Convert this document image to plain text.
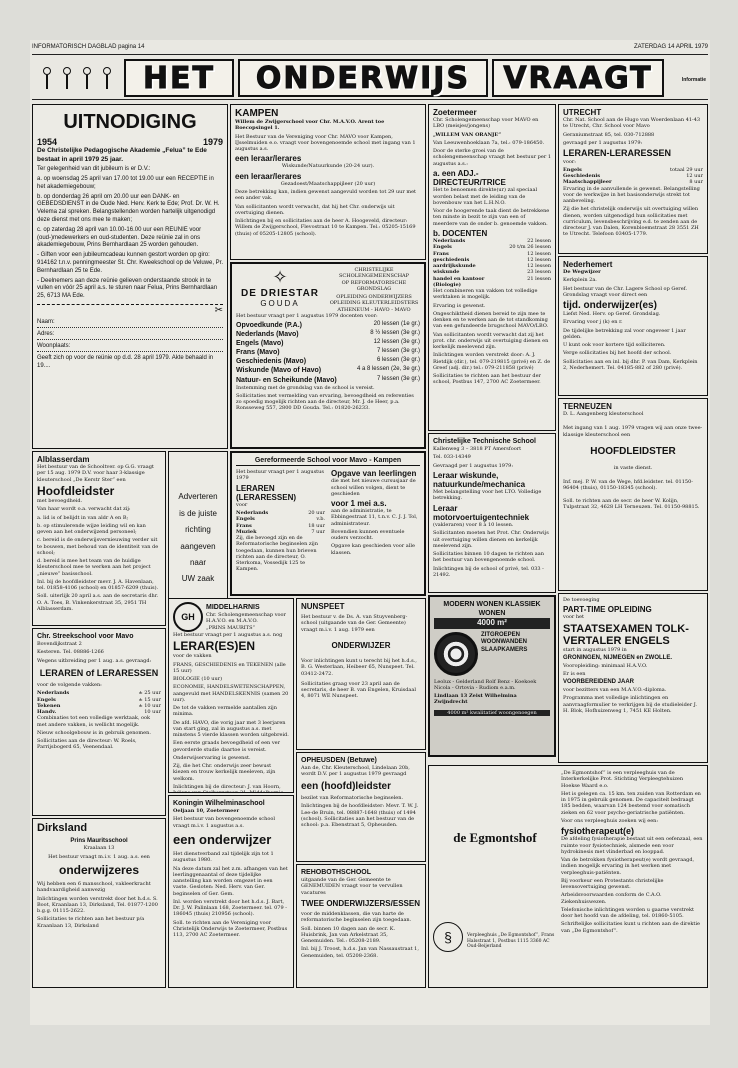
INFORMATORISCH DAGBLAD pagina 14	ZATERDAG 14 APRIL 1979
HET	ONDERWIJS	VRAAGT	Informatie
UITNODIGING
1954	1979

De Christelijke Pedagogische Akademie „Felua” te Ede bestaat in april 1979 25 jaar.

Ter gelegenheid van dit jubileum is er D.V.:

a. op woensdag 25 april van 17.00 tot 19.00 uur een RECEPTIE in het akademiegebouw;

b. op donderdag 26 april om 20.00 uur een DANK- en GEBEDSDIENST in de Oude Ned. Herv. Kerk te Ede; Prof. Dr. W. H. Velema zal spreken. Belangstellenden worden hartelijk uitgenodigd deze dienst met ons mee te maken;

c. op zaterdag 28 april van 10.00-16.00 uur een REUNIE voor (oud-)medewerkers en oud-studenten. Deze reünie zal in ons akademiegebouw, Prins Bernhardlaan 25 worden gehouden.

- Giften voor een jubileumcadeau kunnen gestort worden op giro: 914162 t.n.v. penningmeester St. Chr. Kweekschool op de Veluwe, Pr. Bernhardlaan 25 te Ede.

- Deelnemers aan deze reünie gelieven onderstaande strook in te vullen en vóór 25 april a.s. te sturen naar Felua, Prins Bernhardlaan 25, 6713 MA Ede.

✂
Naam:
Adres:
Woonplaats:

Geeft zich op voor de reünie op d.d. 28 april 1979. Akte behaald in 19....

KAMPEN

Willem de Zwijgerschool voor Chr. M.A.V.O. Arent toe Boecopsingel 1.

Het Bestuur van de Vereniging voor Chr. MAVO voor Kampen, IJsselmuiden e.o. vraagt voor bovengenoemde school met ingang van 1 augustus a.s.

een leraar/lerares

Wiskunde/Natuurkunde (20-24 uur).

een leraar/lerares

Gezadoest/Maatschappijleer (20 uur)

Deze betrekking kan, indien gewenst aangevuld worden tot 29 uur met een ander vak.

Van sollicitanten wordt verwacht, dat hij het Chr. onderwijs uit overtuiging dienen.

Inlichtingen bij en sollicitaties aan de heer A. Hoogeveld, directeur: Willem de Zwijgerschool, Flevostraat 10 te Kampen. Tel.: 05205-15169 (thuis) of 05205-12805 (school).

✧
DE DRIESTAR
GOUDA
CHRISTELIJKE
SCHOLENGEMEENSCHAP
OP REFORMATORISCHE
GRONDSLAG
OPLEIDING ONDERWIJZERS
OPLEIDING KLEUTERLEIDSTERS
ATHENEUM - HAVO - MAVO

Het bestuur vraagt per 1 augustus 1979 docenten voor:

Opvoedkunde (P.A.)	20 lessen (1e gr.)
Nederlands (Mavo)	8 ½ lessen (3e gr.)
Engels (Mavo)	12 lessen (3e gr.)
Frans (Mavo)	7 lessen (3e gr.)
Geschiedenis (Mavo)	6 lessen (3e gr.)
Wiskunde (Mavo of Havo)	4 a 8 lessen (2e, 3e gr.)
Natuur- en Scheikunde (Mavo)	7 lessen (3e gr.)

Instemming met de grondslag van de school is vereist.

Sollicitaties met vermelding van ervaring, bevoegdheid en referenties zo spoedig mogelijk richten aan de directeur, Mr. J. de Heer, p.a. Ronsseweg 557, 2800 DD Gouda. Tel.: 01820-26233.

Zoetermeer

Chr. Scholengemeenschap voor MAVO en LBO (meisjes/jongens)

„WILLEM VAN ORANJE”

Van Leeuwenhoeklaan 7a, tel.: 079-186450.

Door de sterke groei van de scholengemeenschap vraagt het bestuur per 1 augustus a.s.:

a. een ADJ.-DIRECTEUR/TRICE

Het te benoemen direkte(ur) zal speciaal worden belast met de leiding van de bovenbouw van het L.H.N.O.

Voor de hoogerende taak dient de betrekkene ten minste in bezit te zijn van een of meerdere van de onder b. genoemde vakken.

b. DOCENTEN
Nederlands	22 lessen
Engels	20 t/m 26 lessen
Frans	12 lessen
geschiedenis	12 lessen
aardrijkskunde	12 lessen
wiskunde	23 lessen
handel en kantoor	21 lessen
(Biologie)

Het combineren van vakken tot volledige werktaken is mogelijk.

Ervaring is gewenst.

Ongeschiktheid dienen bereid te zijn mee te denken en te werken aan de tot standkoming van een gefundeerde brugschool MAVO/LBO.

Van sollicitanten wordt verwacht dat zij het prot. chr. onderwijs uit overtuiging dienen en kerkelijk meelevend zijn.

Inlichtingen worden verstrekt door: A. J. Rietdijk (dir.), tel. 079-219815 (privé) en Z. de Greef (adj. dir.) tel.: 079-211858 (privé)

Sollicitaties te richten aan het bestuur der school, Postbus 147, 2700 AC Zoetermeer.

UTRECHT

Chr. Nat. School aan de Hugo van Woerdenlaan 41-43 te Utrecht, Chr. School voor Mavo

Geraniumstraat 85, tel. 030-712888

gevraagd per 1 augustus 1979:

LERAREN-LERARESSEN

voor:

Engels	totaal 29 uur
Geschiedenis	12 uur
Maatschappijleer	8 uur

Ervaring in de aanvullende is gewenst. Belangstelling voor de werkwijze in het basisonderwijs strekt tot aanbeveling.

Zij die het christelijk onderwijs uit overtuiging willen dienen, worden uitgenodigd hun sollicitaties met curriculum, levensbeschrijving e.d. te zenden aan de directeur J. van Dalen, Korenbloemstraat 28 3551 ZH te Utrecht. Telefoon 03405-1779.

Nederhemert

De Wegwijzer

Kerkplein 2a.

Het bestuur van de Chr. Lagere School op Geref. Grondslag vraagt voor direct een

tijd. onderwijzer(es)

Liefst Ned. Herv. op Geref. Grondslag.

Ervaring voor j (k) en r.

De tijdelijke betrekking zal voor ongeveer 1 jaar gelden.

U kunt ook voor kortere tijd solliciteren.

Verge sollicitaties bij het hoofd der school.

Sollicitaties aan en inl. bij dhr. P. van Dam, Kerkplein 2, Nederhemert. Tel. 04185-882 of 280 (privé).

Christelijke Technische School

Kallenweg 3 – 3818 PT Amersfoort

Tel. 033-14349

Gevraagd per 1 augustus 1979:

Leraar wiskunde, natuurkunde/mechanica

Met belangstelling voor het LTO. Volledige betrekking.

Leraar motorvoertuigentechniek

(vakleraren) voor 8 à 10 lessen.

Sollicitanten moeten het Prot. Chr. Onderwijs uit overtuiging willen dienen en kerkelijk meelevend zijn.

Sollicitaties binnen 10 dagen te richten aan het bestuur van bovengenoemde school.

Inlichtingen bij de school of privé, tel. 033 - 21492.

TERNEUZEN

D. L. Aangenberg kleuterschool

Met ingang van 1 aug. 1979 vragen wij aan onze twee-klassige kleuterschool een

HOOFDLEIDSTER

in vaste dienst.

Inf. mej. P. W. van de Wege, hfd.leidster. tel. 01150-96404 (thuis), 01150-18345 (school).

Soll. te richten aan de secr. de heer W. Kolijn, Tulpstraat 32, 4628 LH Terneuzen. Tel. 01150-98815.

Alblasserdam

Het bestuur van de Schooltver. op G.G. vraagt per 15 aug. 1979 D.V. voor haar 3-klassige kleuterschool „De Kerstr Ster” een

Hoofdleidster

met bevoegdheid.

Van haar wordt o.a. verwacht dat zij:

a. lid is of belijdt in van aldr A en B;

b. op stimulerende wijze leiding wil en kan geven aan het onderwijzend personeel;

c. bereid is de onderwijsvernieuwing verder uit te bouwen, met behoud van de identiteit van de school;

d. bereid is mee het team van de huidige kleuterschool mee te werken aan het project „nieuwe” basisschool.

Inl. bij de hoofdleidster mevr. J. A. Havenlaan, tel. 01858-4106 (school) en 01857-6209 (thuis).

Soll. uiterlijk 20 april a.s. aan de secretaris dhr. O. A. Toes, B. Vinkenkerstraat 35, 2951 TH Alblasserdam.

Adverteren
is de juiste
richting
aangeven
naar
UW zaak
Gereformeerde School voor Mavo - Kampen

Het bestuur vraagt per 1 augustus 1979

LERAREN (LERARESSEN)

voor

Nederlands	20 uur
Engels	v.b.
Frans	18 uur
Muziek	7 uur

Zij, die bevoegd zijn en de Reformatorische beginselen zijn toegedaan, kunnen hun brieven richten aan de directeur, O. Sterkoma, Vossedijk 125 te Kampen.

Opgave van leerlingen

die met het nieuwe cursusjaar de school willen volgen, dient te geschieden

voor 1 mei a.s.

aan de administratie, te Ebbingestraat 11, t.n.v. C. J. J. Tol, administrateur.

Bovendien kunnen eventuele ouders verzocht.

Opgave kan geschieden voor alle klassen.

Chr. Streekschool voor Mavo

Bovendijkstraat 2

Kesteren. Tel. 08886-1266

Wegens uitbreiding per 1 aug. a.s. gevraagd:

LERAREN of LERARESSEN

voor de volgende vakken:

Nederlands	± 25 uur
Engels	± 15 uur
Tekenen	± 10 uur
Handv.	10 uur

Combinaties tot een volledige werktaak, ook met andere vakken, is wellicht mogelijk.

Nieuw schoolgebouw is in gebruik genomen.

Sollicitaties aan de directeur: W. Roels, Parrijsbogerd 65, Veenendaal.

GH
MIDDELHARNIS
Chr. Scholengemeenschap voor
H.A.V.O. en M.A.V.O.
„PRINS MAURITS”

Het bestuur vraagt per 1 augustus a.s. nog

LERAR(ES)EN

voor de vakken

FRANS, GESCHIEDENIS en TEKENEN (alle 15 uur)

BIOLOGIE (10 uur)

ECONOMIE, HANDELSWETENSCHAPPEN, aangevuld met HANDELSKENNIS (samen 20 uur).

De tot de vakken vermelde aantallen zijn minima.

De afd. HAVO, die vorig jaar met 3 leerjaren van start ging, zal in augustus a.s. met minstens 5 vierde klassen worden uitgebreid.

Een eerste graads bevoegdheid of een ver gevorderde studie daartoe is vereist.

Onderwijservaring is gewenst.

Zij, die het Chr. onderwijs zeer bewust kiezen en trouw kerkelijk meeleven, zijn welkom.

Inlichtingen bij de directeur: J. van Hoorn,

NUNSPEET

Het bestuur v. de Ds. A. van Stuyvenberg-school (uitgaande van de Ger. Gemeente) vraagt m.i.v. 1 aug. 1979 een

ONDERWIJZER

Voor inlichtingen kunt u terecht bij het h.d.s., B. G. Westerlaan, Heibeer 65, Nunspeet. Tel. 03412-2472.

Sollicitaties graag voor 23 april aan de secretaris, de heer B. van Engelen, Kruisdaal 4, 8071 WE Nunspeet.

MODERN WONEN KLASSIEK WONEN
4000 m²
ZITGROEPEN
WOONWANDEN
SLAAPKAMERS

Leolux - Gelderland Rolf Benz - Koekoek Nicola - Ortovia - Rudiom e.a.m.

Lindlaan 13 Zeist Wilhelmina Zwijndrecht

4000 m² kwalitatief woongenoegen

De toevoeging

PART-TIME OPLEIDING

voor het

STAATSEXAMEN TOLK-VERTALER ENGELS

start in augustus 1979 in

GRONINGEN, NIJMEGEN en ZWOLLE.

Vooropleiding: minimaal H.A.V.O.

Er is een

VOORBEREIDEND JAAR

voor bezitters van een M.A.V.O.-diploma.

Programma met volledige inlichtingen en aanvraagformulier te verkrijgen bij de studieleider J. H. Blok, Hofhuizenweg 1, 7451 KE Holten.

Dirksland
Prins Mauritsschool

Kraalaan 13

Het bestuur vraagt m.i.v. 1 aug. a.s. een

onderwijzeres

Wij hebben een 6 mansschool, vakleerkracht handvaardigheid aanwezig

Inlichtingen worden verstrekt door het h.d.s. S. Boot, Kraanlaan 13, Dirksland, Tel. 01877-1200 b.g.g. 01115-2622.

Sollicitaties te richten aan het bestuur p/a Kraanlaan 13, Dirksland

Koningin Wilhelminaschool

Oeljaan 10, Zoetermeer

Het bestuur van bovengenoemde school vraagt m.i.v. 1 augustus a.s.

een onderwijzer

Het dienstverband zal tijdelijk zijn tot 1 augustus 1980.

Na deze datum zal het z.m. afhangen van het leerlinggenaantal of deze tijdelijke aanstelling kan worden omgezet in een vaste. Gesloten: Ned. Herv. van Ger. beginselen of Ger. Gem.

Inl. worden verstrekt door het h.d.s. J. Bart, Dr. J. W. Palinlaan 168, Zoetermeer. tel. 079 - 186045 (thuis) 210956 (school).

Soll. te richten aan de Vereniging voor Christelijk Onderwijs te Zoetermeer, Postbus 113, 2700 AC Zoetermeer.

OPHEUSDEN (Betuwe)

Aan de, Chr. Kleuterschool, Lindelaan 20b, wordt D.V. per 1 augustus 1979 gevraagd

een (hoofd)leidster

bezilet van Reformatorische beginselen.

Inlichtingen bij de hoofdleidster: Mevr. T. W. J. Lee-de Bruin, tel. 08887-1648 (thuis) of 1494 (school). Sollicitaties aan het bestuur van de school: p.a. Ebenstraat 5, Opheusden.

REHOBOTHSCHOOL

uitgaande van de Ger. Gemeente te GENEMUIDEN vraagt voor te vervullen vacatures

TWEE ONDERWIJZERS/ESSEN

voor de middenklassen, die van harte de reformatorische beginselen zijn toegedaan.

Soll. binnen 10 dagen aan de secr. K. Huisbrink, Jan van Arkelstraat 35, Genemuiden. Tel.: 05208-2189.

Inl. bij J. Troost, h.d.s. Jan van Nassaustraat 1, Genemuiden, tel. 05208-2368.

de Egmontshof
§	Verpleeghuis „De Egmontshof”, Frans Halsstraat 1, Postbus 1115 3360 AC Oud-Beijerland

„De Egmontshof” is een verpleeghuis van de Interkerkelijke Prot. Stichting Verpleegtehuizen Hoekse Waard e.o.

Het is gelegen ca. 15 km. ten zuiden van Rotterdam en in 1975 in gebruik genomen. De capaciteit bedraagt 185 bedden, waarvan 124 bestemd voor somatisch zieken en 62 voor psycho-geriatrische patiënten.

Voor ons verpleeghuis zoeken wij een:

fysiotherapeut(e)

De afdeling fysiotherapie bestaat uit een oefenzaal, een ruimte voor fysiotechniek, alsmede een voor hydrokinesis met vlinderbad en looppad.

Van de betrokken fysiotherapeut(e) wordt gevraagd, indien mogelijk ervaring in het werken met verpleeghuis-patiënten.

Bij voorkeur een Protestants christelijke levensovertuiging gewenst.

Arbeidsvoorwaarden conform de C.A.O. Ziekenhuiswezen.

Telefonische inlichtingen worden u gaarne verstrekt door het hoofd van de afdeling, tel. 01860-5105.

Schriftelijke sollicitaties kunt u richten aan de direktie van „De Egmontshof”.
